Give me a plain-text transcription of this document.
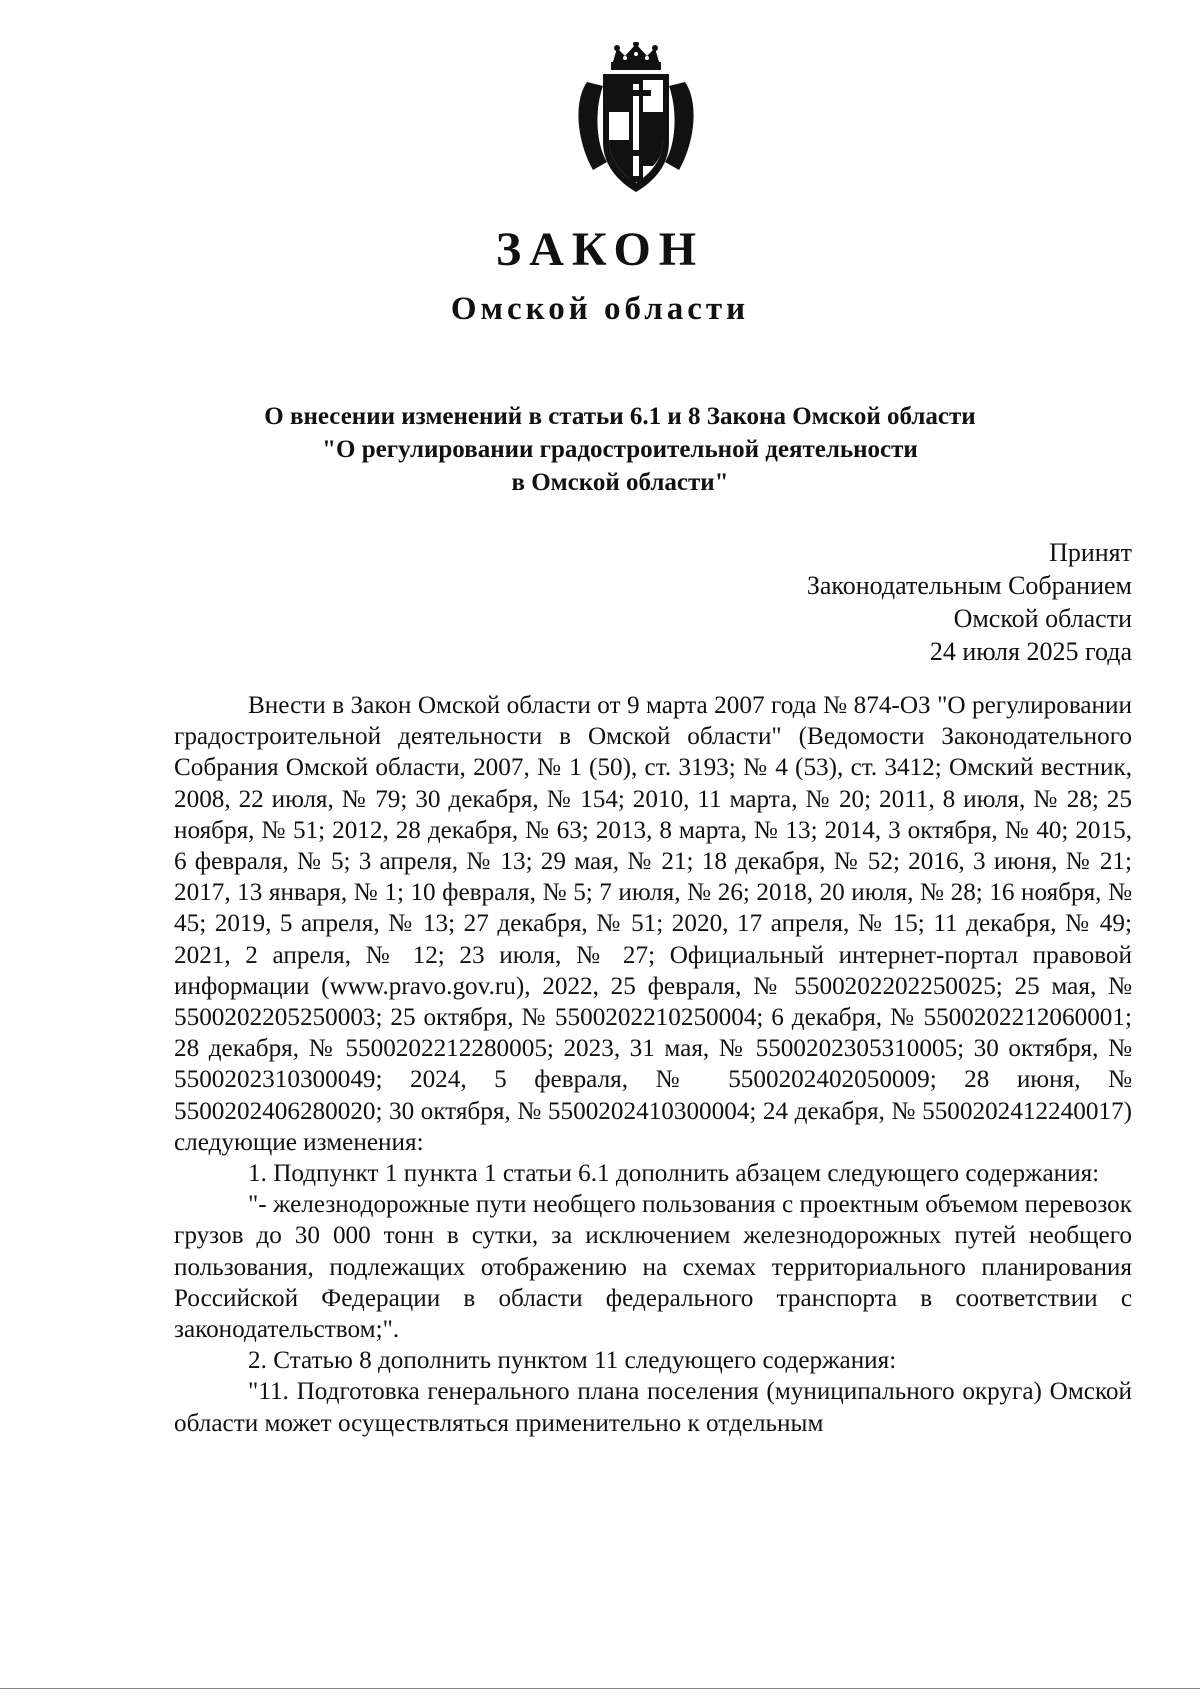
ЗАКОН
Омской области
О внесении изменений в статьи 6.1 и 8 Закона Омской области
"О регулировании градостроительной деятельности
в Омской области"
Принят
Законодательным Собранием
Омской области
24 июля 2025 года

Внести в Закон Омской области от 9 марта 2007 года № 874-ОЗ "О регулировании градостроительной деятельности в Омской области" (Ведомости Законодательного Собрания Омской области, 2007, № 1 (50), ст. 3193; № 4 (53), ст. 3412; Омский вестник, 2008, 22 июля, № 79; 30 декабря, № 154; 2010, 11 марта, № 20; 2011, 8 июля, № 28; 25 ноября, № 51; 2012, 28 декабря, № 63; 2013, 8 марта, № 13; 2014, 3 октября, № 40; 2015, 6 февраля, № 5; 3 апреля, № 13; 29 мая, № 21; 18 декабря, № 52; 2016, 3 июня, № 21; 2017, 13 января, № 1; 10 февраля, № 5; 7 июля, № 26; 2018, 20 июля, № 28; 16 ноября, № 45; 2019, 5 апреля, № 13; 27 декабря, № 51; 2020, 17 апреля, № 15; 11 декабря, № 49; 2021, 2 апреля, № 12; 23 июля, № 27; Официальный интернет-портал правовой информации (www.pravo.gov.ru), 2022, 25 февраля, № 5500202202250025; 25 мая, № 5500202205250003; 25 октября, № 5500202210250004; 6 декабря, № 5500202212060001; 28 декабря, № 5500202212280005; 2023, 31 мая, № 5500202305310005; 30 октября, № 5500202310300049; 2024, 5 февраля, № 5500202402050009; 28 июня, № 5500202406280020; 30 октября, № 5500202410300004; 24 декабря, № 5500202412240017) следующие изменения:

1. Подпункт 1 пункта 1 статьи 6.1 дополнить абзацем следующего содержания:

"- железнодорожные пути необщего пользования с проектным объемом перевозок грузов до 30 000 тонн в сутки, за исключением железнодорожных путей необщего пользования, подлежащих отображению на схемах территориального планирования Российской Федерации в области федерального транспорта в соответствии с законодательством;".

2. Статью 8 дополнить пунктом 11 следующего содержания:

"11. Подготовка генерального плана поселения (муниципального округа) Омской области может осуществляться применительно к отдельным
